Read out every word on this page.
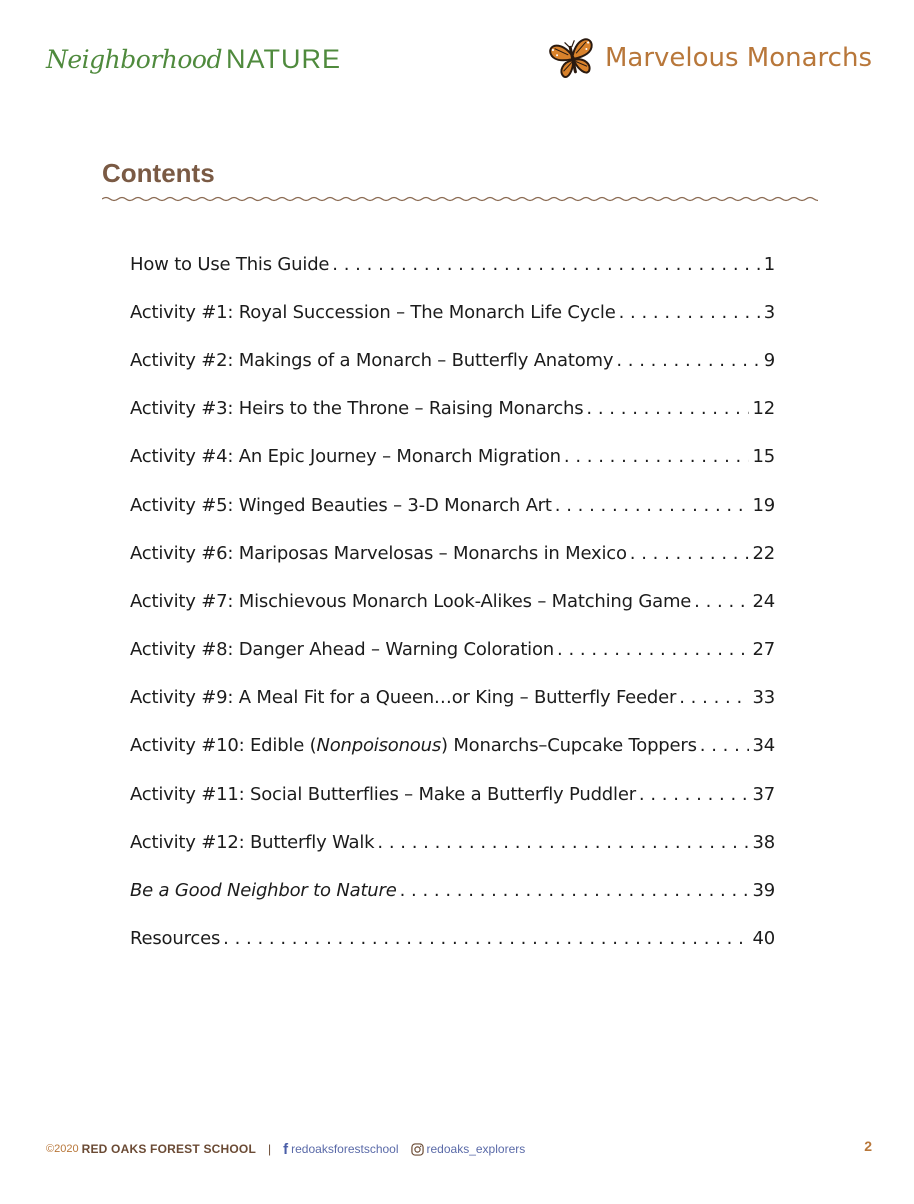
Neighborhood NATURE	Marvelous Monarchs
Contents
How to Use This Guide . . .	1
Activity #1: Royal Succession – The Monarch Life Cycle . . .	3
Activity #2: Makings of a Monarch – Butterfly Anatomy . . .	9
Activity #3: Heirs to the Throne – Raising Monarchs . . .	12
Activity #4: An Epic Journey – Monarch Migration . . .	15
Activity #5: Winged Beauties – 3-D Monarch Art . . .	19
Activity #6: Mariposas Marvelosas – Monarchs in Mexico . . .	22
Activity #7: Mischievous Monarch Look-Alikes – Matching Game . . .	24
Activity #8: Danger Ahead – Warning Coloration . . .	27
Activity #9: A Meal Fit for a Queen…or King – Butterfly Feeder . . .	33
Activity #10: Edible (Nonpoisonous) Monarchs–Cupcake Toppers . . .	34
Activity #11: Social Butterflies – Make a Butterfly Puddler . . .	37
Activity #12: Butterfly Walk . . .	38
Be a Good Neighbor to Nature . . .	39
Resources . . .	40
©2020 RED OAKS FOREST SCHOOL | f redoaksforestschool redoaks_explorers	2
